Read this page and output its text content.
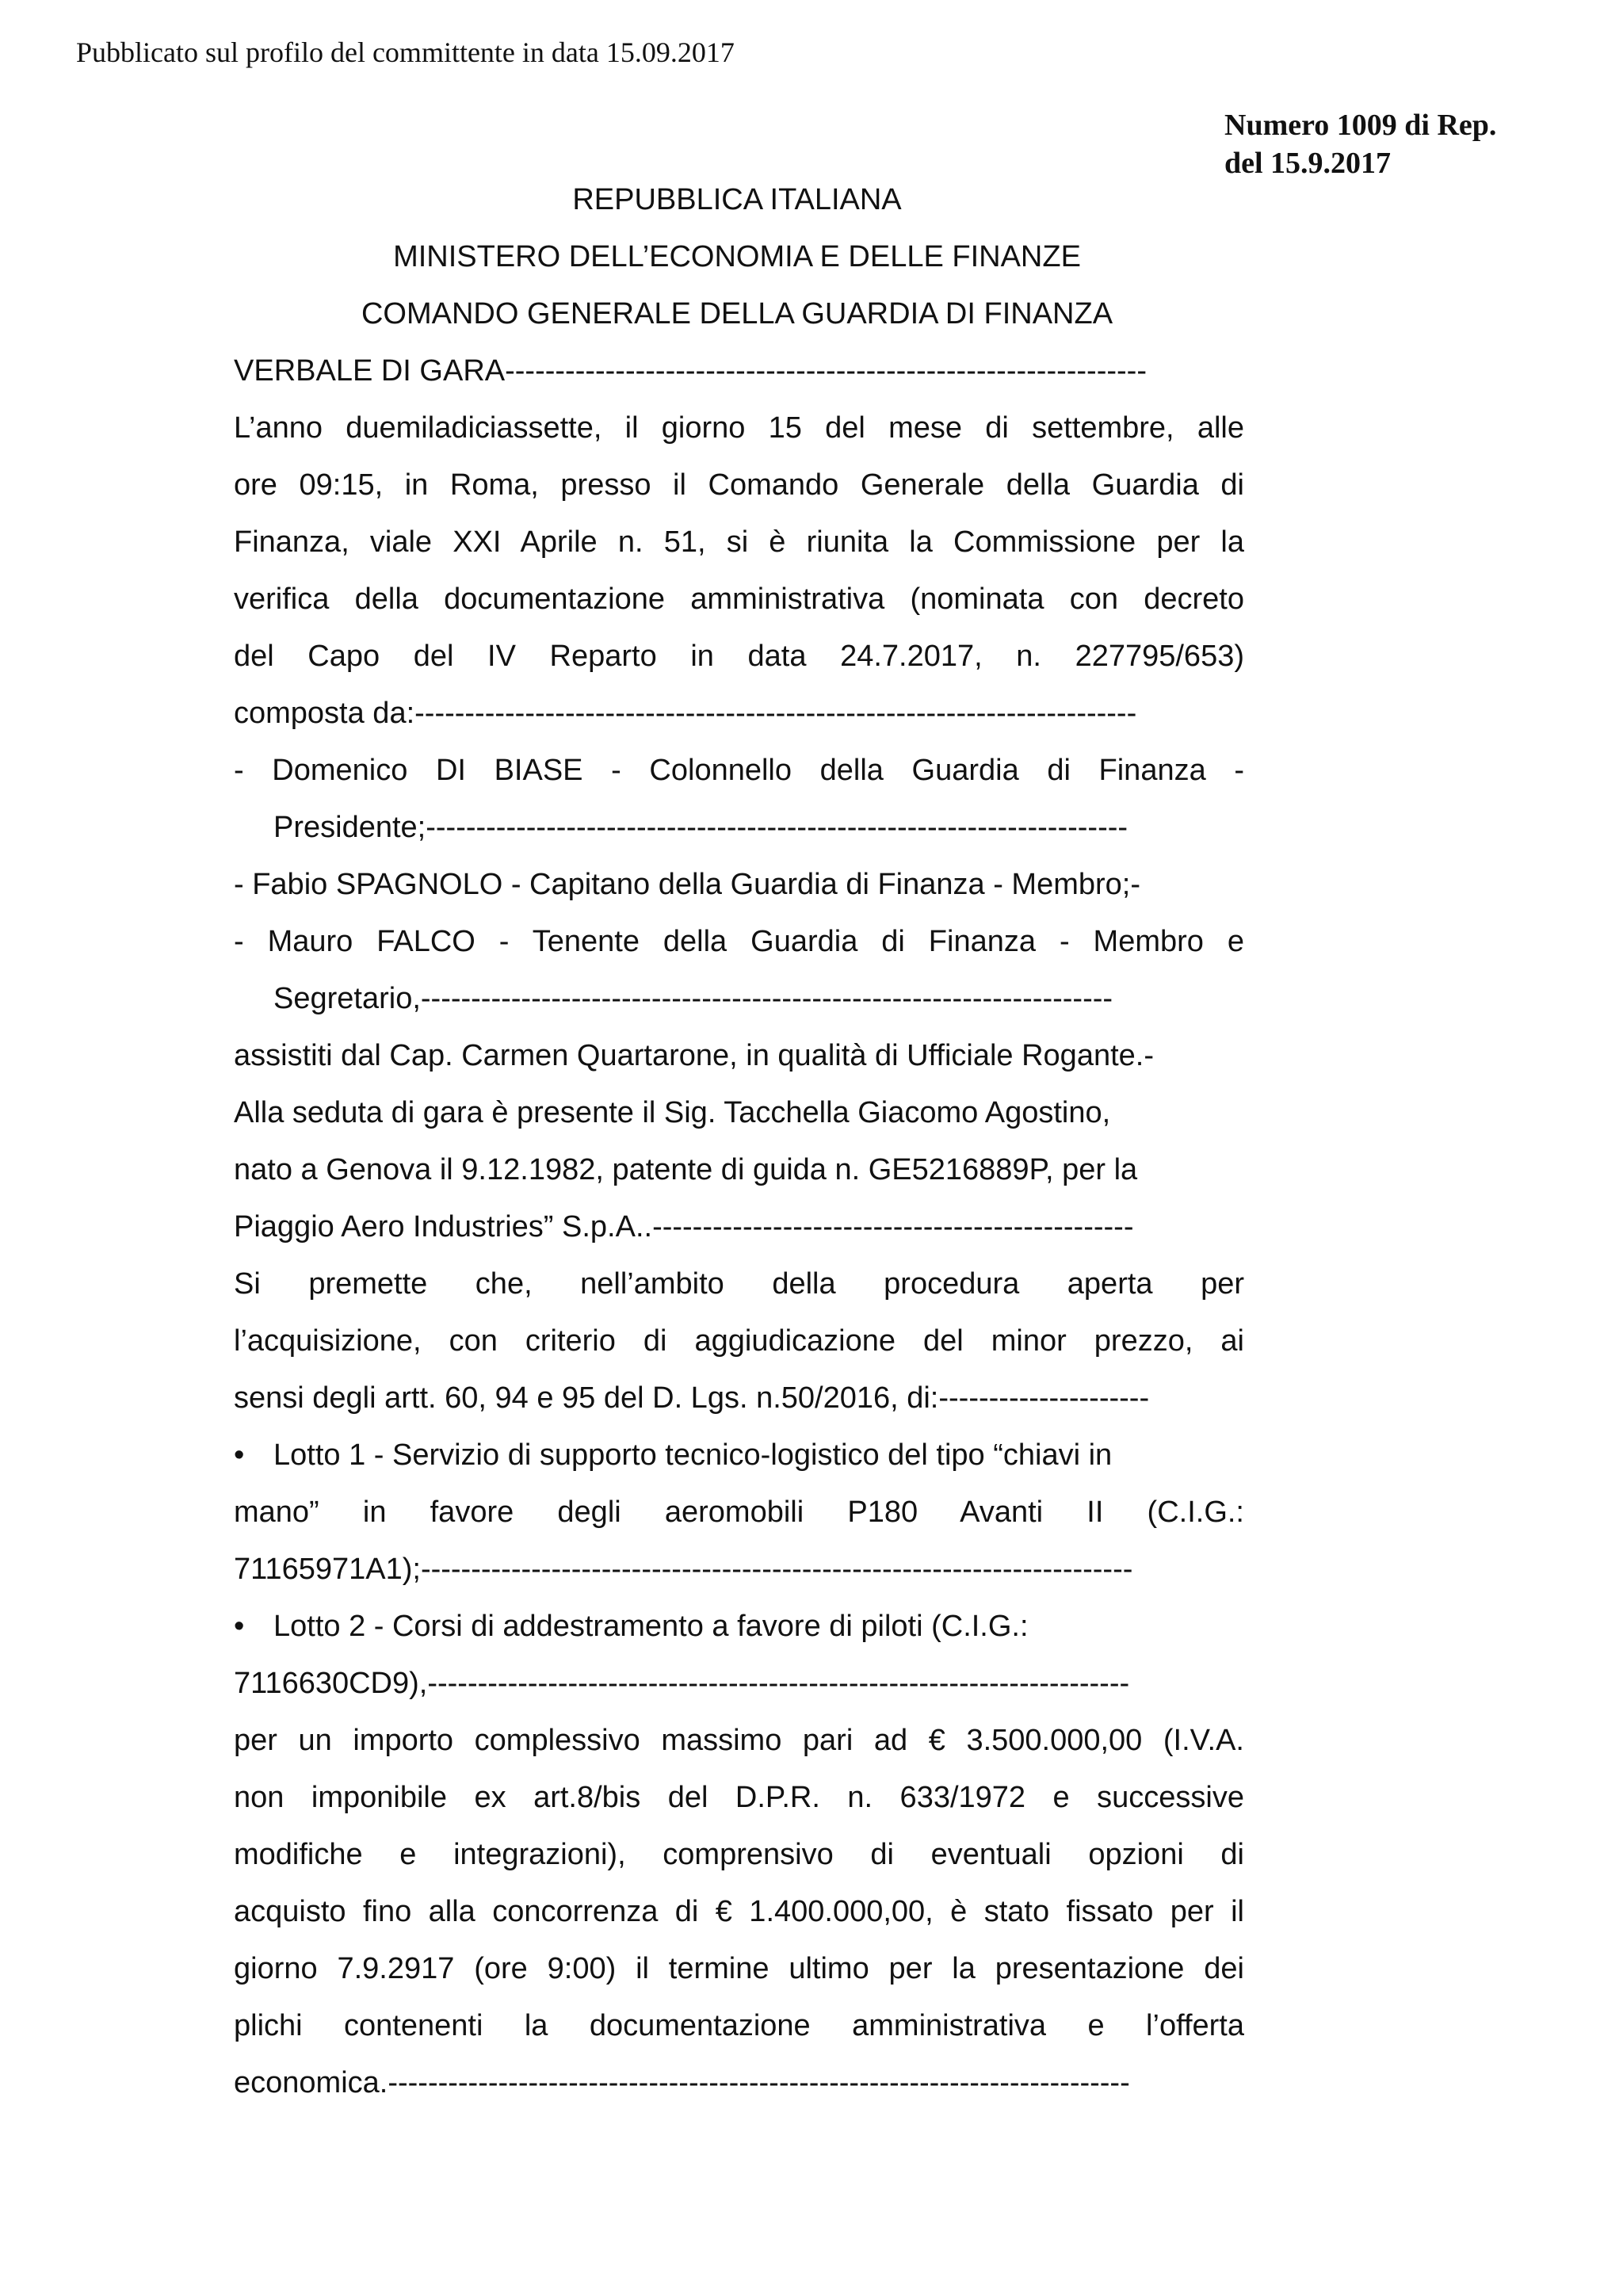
Pubblicato sul profilo del committente in data 15.09.2017
Numero 1009 di Rep.
del 15.9.2017
REPUBBLICA ITALIANA
MINISTERO DELL’ECONOMIA E DELLE FINANZE
COMANDO GENERALE DELLA GUARDIA DI FINANZA
VERBALE DI GARA----------------------------------------------------------------
L’anno duemiladiciassette, il giorno 15 del mese di settembre, alle
ore 09:15, in Roma, presso il Comando Generale della Guardia di
Finanza, viale XXI Aprile n. 51, si è riunita la Commissione per la
verifica della documentazione amministrativa (nominata con decreto
del Capo del IV Reparto in data 24.7.2017, n. 227795/653)
composta da:------------------------------------------------------------------------
- Domenico DI BIASE - Colonnello della Guardia di Finanza -
Presidente;----------------------------------------------------------------------
- Fabio SPAGNOLO - Capitano della Guardia di Finanza - Membro;-
- Mauro FALCO - Tenente della Guardia di Finanza - Membro e
Segretario,---------------------------------------------------------------------
assistiti dal Cap. Carmen Quartarone, in qualità di Ufficiale Rogante.-
Alla seduta di gara è presente il Sig. Tacchella Giacomo Agostino,
nato a Genova il 9.12.1982, patente di guida n. GE5216889P, per la
Piaggio Aero Industries” S.p.A..------------------------------------------------
Si premette che, nell’ambito della procedura aperta per
l’acquisizione, con criterio di aggiudicazione del minor prezzo, ai
sensi degli artt. 60, 94 e 95 del D. Lgs. n.50/2016, di:---------------------
• Lotto 1 - Servizio di supporto tecnico-logistico del tipo “chiavi in
mano” in favore degli aeromobili P180 Avanti II (C.I.G.:
71165971A1);-----------------------------------------------------------------------
• Lotto 2 - Corsi di addestramento a favore di piloti (C.I.G.:
7116630CD9),----------------------------------------------------------------------
per un importo complessivo massimo pari ad € 3.500.000,00 (I.V.A.
non imponibile ex art.8/bis del D.P.R. n. 633/1972 e successive
modifiche e integrazioni), comprensivo di eventuali opzioni di
acquisto fino alla concorrenza di € 1.400.000,00, è stato fissato per il
giorno 7.9.2917 (ore 9:00) il termine ultimo per la presentazione dei
plichi contenenti la documentazione amministrativa e l’offerta
economica.--------------------------------------------------------------------------
